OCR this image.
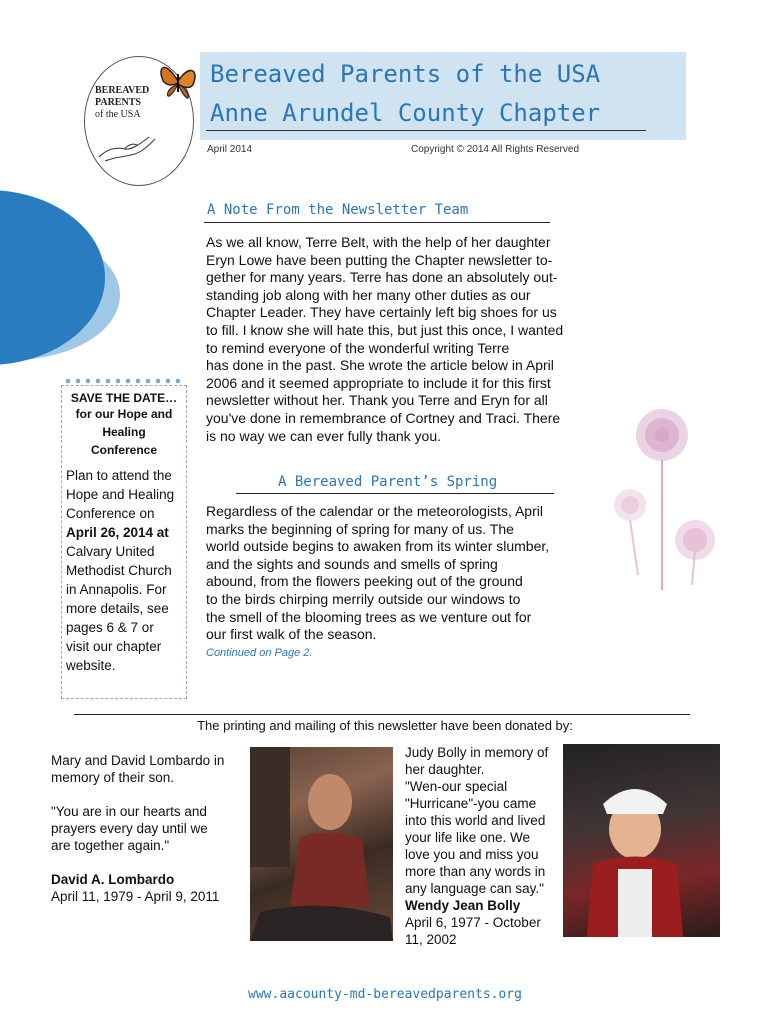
BEREAVED
PARENTS
of the USA
Bereaved Parents of the USA
Anne Arundel County Chapter
April 2014	Copyright © 2014 All Rights Reserved
A Note From the Newsletter Team
As we all know, Terre Belt, with the help of her daughter
Eryn Lowe have been putting the Chapter newsletter to-
gether for many years. Terre has done an absolutely out-
standing job along with her many other duties as our
Chapter Leader. They have certainly left big shoes for us
to fill. I know she will hate this, but just this once, I wanted
to remind everyone of the wonderful writing Terre
has done in the past. She wrote the article below in April
2006 and it seemed appropriate to include it for this first
newsletter without her. Thank you Terre and Eryn for all
you've done in remembrance of Cortney and Traci. There
is no way we can ever fully thank you.
A Bereaved Parent’s Spring
Regardless of the calendar or the meteorologists, April
marks the beginning of spring for many of us. The
world outside begins to awaken from its winter slumber,
and the sights and sounds and smells of spring
abound, from the flowers peeking out of the ground
to the birds chirping merrily outside our windows to
the smell of the blooming trees as we venture out for
our first walk of the season.
Continued on Page 2.
SAVE THE DATE…
for our Hope and
Healing
Conference
Plan to attend the
Hope and Healing
Conference on
April 26, 2014 at
Calvary United
Methodist Church
in Annapolis. For
more details, see
pages 6 & 7 or
visit our chapter
website.
The printing and mailing of this newsletter have been donated by:
Mary and David Lombardo in
memory of their son.
"You are in our hearts and
prayers every day until we
are together again."
David A. Lombardo
April 11, 1979 - April 9, 2011
Judy Bolly in memory of
her daughter.
"Wen-our special
"Hurricane"-you came
into this world and lived
your life like one. We
love you and miss you
more than any words in
any language can say."
Wendy Jean Bolly
April 6, 1977 - October
11, 2002
www.aacounty-md-bereavedparents.org
